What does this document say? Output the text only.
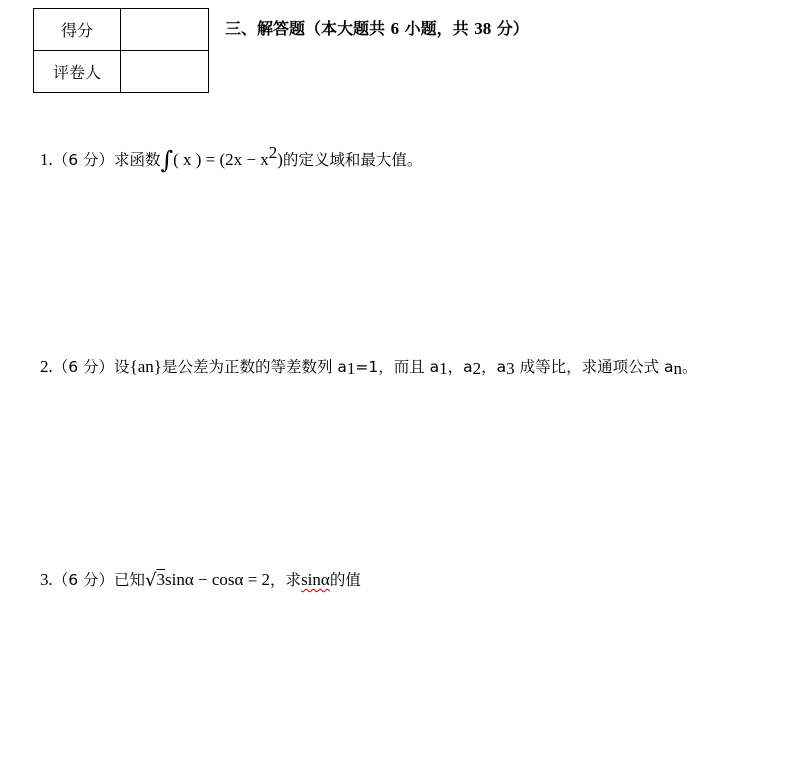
得分	
评卷人	
三、解答题（本大题共 6 小题，共 38 分）
1.（6 分）求函数∫( x ) = (2x − x2)的定义域和最大值。
2.（6 分）设{an}是公差为正数的等差数列 a1=1，而且 a1，a2，a3 成等比，求通项公式 an。
3.（6 分）已知√3sinα − cosα = 2，求sinα的值
